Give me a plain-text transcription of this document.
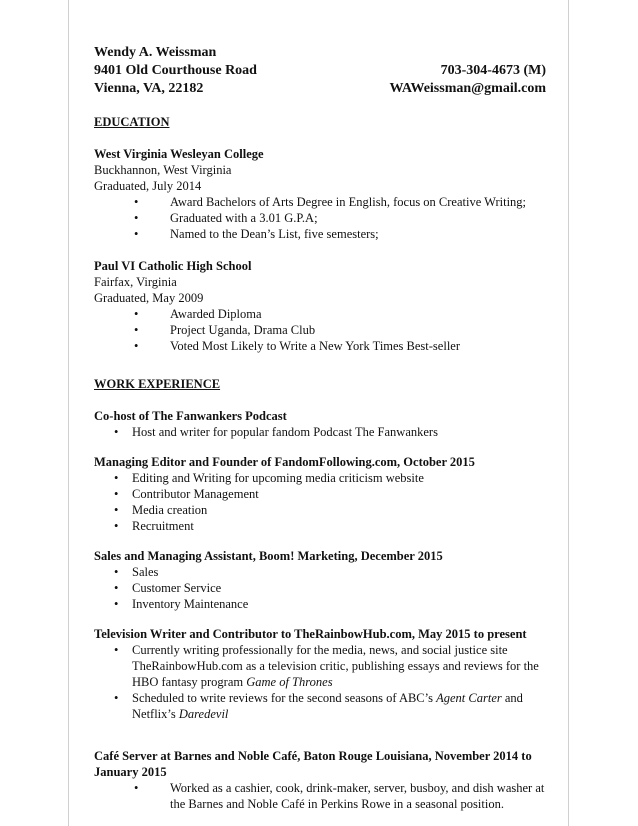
Wendy A. Weissman
9401 Old Courthouse Road	703-304-4673 (M)
Vienna, VA, 22182	WAWeissman@gmail.com
EDUCATION
West Virginia Wesleyan College
Buckhannon, West Virginia
Graduated, July 2014
•	Award Bachelors of Arts Degree in English, focus on Creative Writing;
•	Graduated with a 3.01 G.P.A;
•	Named to the Dean’s List, five semesters;
Paul VI Catholic High School
Fairfax, Virginia
Graduated, May 2009
•	Awarded Diploma
•	Project Uganda, Drama Club
•	Voted Most Likely to Write a New York Times Best-seller
WORK EXPERIENCE
Co-host of The Fanwankers Podcast
•	Host and writer for popular fandom Podcast The Fanwankers
Managing Editor and Founder of FandomFollowing.com, October 2015
•	Editing and Writing for upcoming media criticism website
•	Contributor Management
•	Media creation
•	Recruitment
Sales and Managing Assistant, Boom! Marketing, December 2015
•	Sales
•	Customer Service
•	Inventory Maintenance
Television Writer and Contributor to TheRainbowHub.com, May 2015 to present
•	Currently writing professionally for the media, news, and social justice site TheRainbowHub.com as a television critic, publishing essays and reviews for the HBO fantasy program Game of Thrones
•	Scheduled to write reviews for the second seasons of ABC’s Agent Carter and Netflix’s Daredevil
Café Server at Barnes and Noble Café, Baton Rouge Louisiana, November 2014 to January 2015
•	Worked as a cashier, cook, drink-maker, server, busboy, and dish washer at the Barnes and Noble Café in Perkins Rowe in a seasonal position.
